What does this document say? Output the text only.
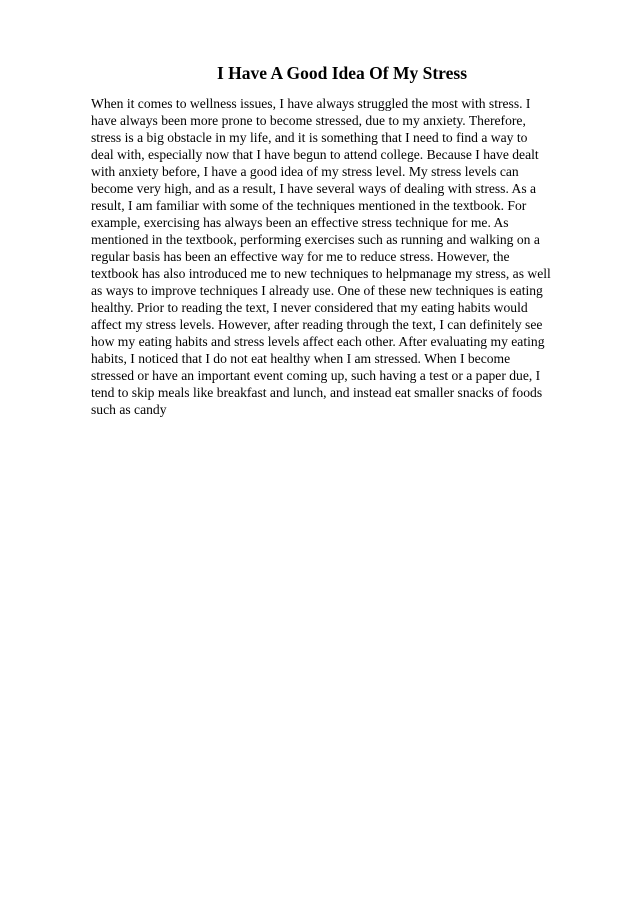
I Have A Good Idea Of My Stress
When it comes to wellness issues, I have always struggled the most with stress. I
have always been more prone to become stressed, due to my anxiety. Therefore,
stress is a big obstacle in my life, and it is something that I need to find a way to
deal with, especially now that I have begun to attend college. Because I have dealt
with anxiety before, I have a good idea of my stress level. My stress levels can
become very high, and as a result, I have several ways of dealing with stress. As a
result, I am familiar with some of the techniques mentioned in the textbook. For
example, exercising has always been an effective stress technique for me. As
mentioned in the textbook, performing exercises such as running and walking on a
regular basis has been an effective way for me to reduce stress. However, the
textbook has also introduced me to new techniques to helpmanage my stress, as well
as ways to improve techniques I already use. One of these new techniques is eating
healthy. Prior to reading the text, I never considered that my eating habits would
affect my stress levels. However, after reading through the text, I can definitely see
how my eating habits and stress levels affect each other. After evaluating my eating
habits, I noticed that I do not eat healthy when I am stressed. When I become
stressed or have an important event coming up, such having a test or a paper due, I
tend to skip meals like breakfast and lunch, and instead eat smaller snacks of foods
such as candy
